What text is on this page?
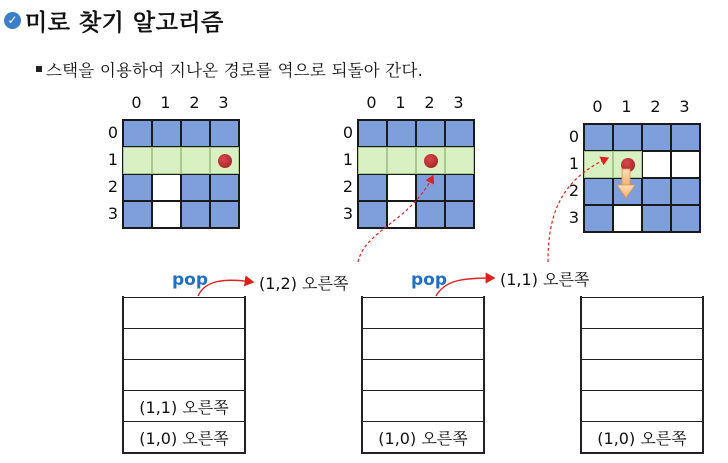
✓ 미로 찾기 알고리즘
스택을 이용하여 지나온 경로를 역으로 되돌아 간다.
0	1	2	3
0
1
2
3
0	1	2	3
0
1
2
3
0	1	2	3
0
1
2
3
pop	(1,2) 오른쪽	pop	(1,1) 오른쪽
(1,0) 오른쪽
(1,1) 오른쪽
(1,0) 오른쪽	(1,0) 오른쪽
